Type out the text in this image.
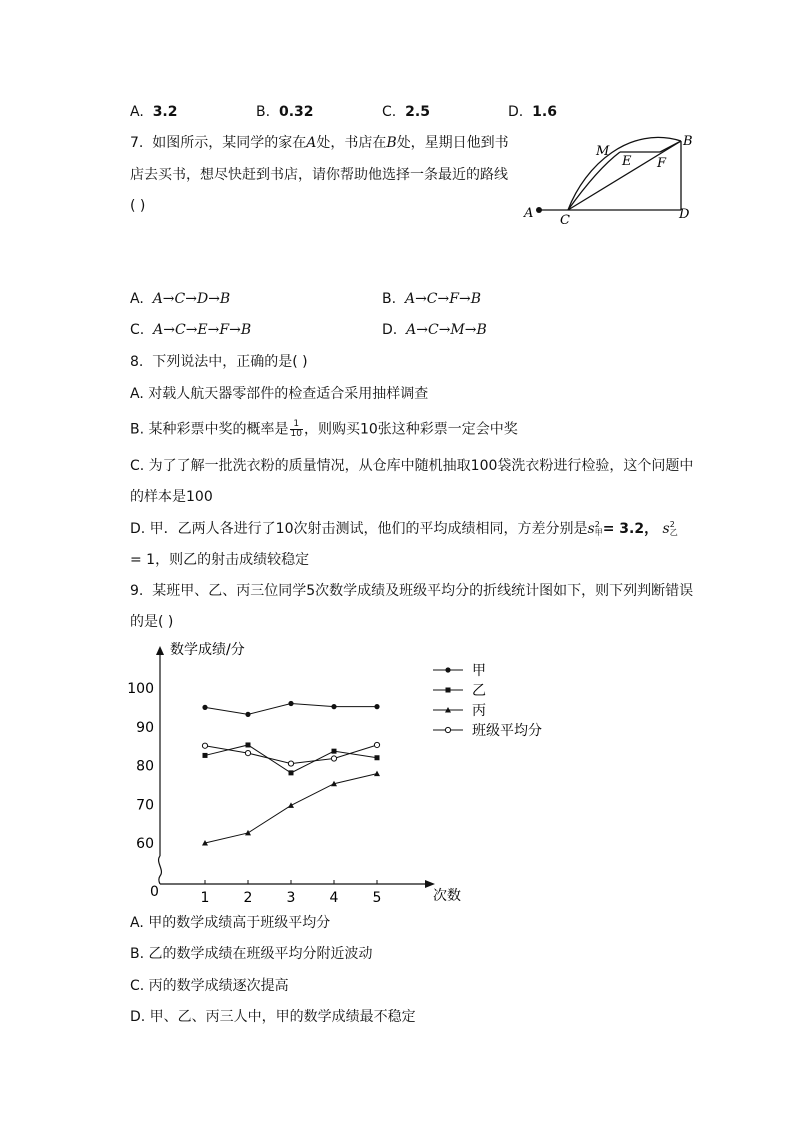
A. 3.2	B. 0.32	C. 2.5	D. 1.6
7. 如图所示，某同学的家在A处，书店在B处，星期日他到书
店去买书，想尽快赶到书店，请你帮助他选择一条最近的路线
( )	A C	D
B
M
E F
A. A→C→D→B	B. A→C→F→B
C. A→C→E→F→B	D. A→C→M→B
8. 下列说法中，正确的是( )
A. 对载人航天器零部件的检查适合采用抽样调查
B. 某种彩票中奖的概率是 $\frac{1}{10}$ ，则购买10张这种彩票一定会中奖
C. 为了了解一批洗衣粉的质量情况，从仓库中随机抽取100袋洗衣粉进行检验，这个问题中
的样本是100
D. 甲．乙两人各进行了10次射击测试，他们的平均成绩相同，方差分别是s 2
甲 = 3.2， s 2
乙
= 1，则乙的射击成绩较稳定
9. 某班甲、乙、丙三位同学5次数学成绩及班级平均分的折线统计图如下，则下列判断错误
的是( )
数学成绩/分
次数
0
60
70
80
90
100
1 2 3 4 5
甲
乙
丙
班级平均分
A. 甲的数学成绩高于班级平均分
B. 乙的数学成绩在班级平均分附近波动
C. 丙的数学成绩逐次提高
D. 甲、乙、丙三人中，甲的数学成绩最不稳定
